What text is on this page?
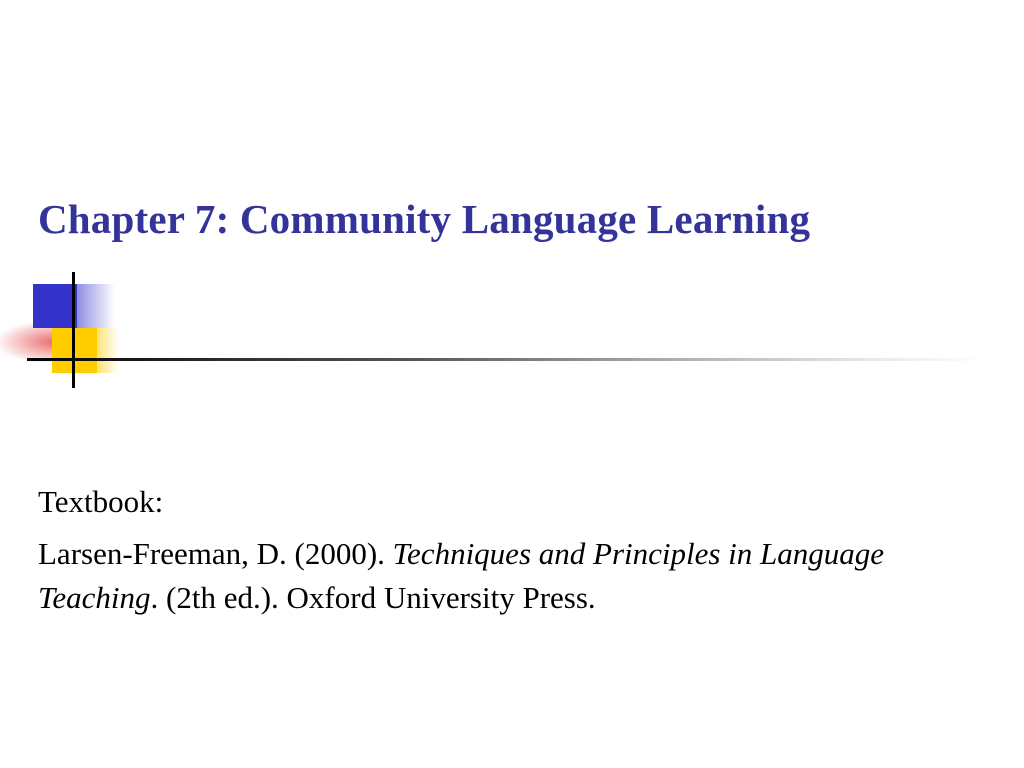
Chapter 7: Community Language Learning

Textbook:

Larsen-Freeman, D. (2000). Techniques and Principles in Language Teaching. (2th ed.). Oxford University Press.
